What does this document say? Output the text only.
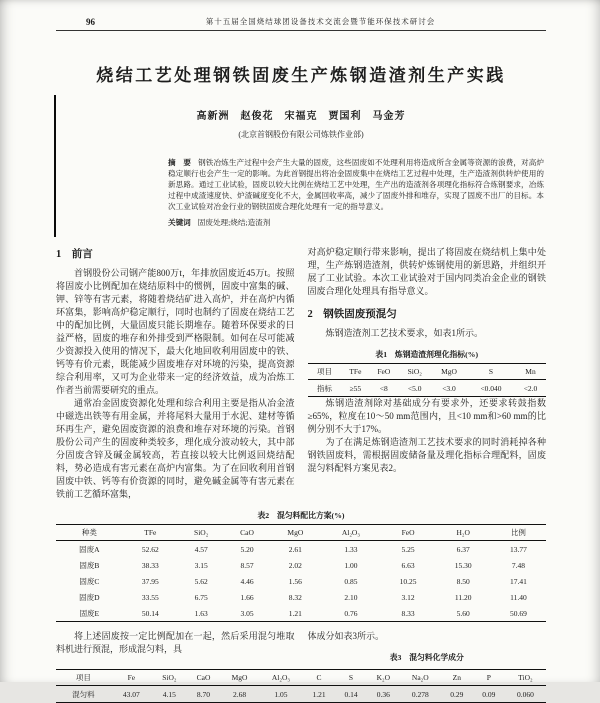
96	第十五届全国烧结球团设备技术交流会暨节能环保技术研讨会
烧结工艺处理钢铁固废生产炼钢造渣剂生产实践
高新洲　赵俊花　宋福克　贾国利　马金芳
(北京首钢股份有限公司炼铁作业部)

摘　要 钢铁冶炼生产过程中会产生大量的固废，这些固废如不处理利用将造成所含金属等资源的浪费，对高炉稳定顺行也会产生一定的影响。为此首钢提出将冶金固废集中在烧结工艺过程中处理，生产造渣剂供转炉使用的新思路。通过工业试验，固废以较大比例在烧结工艺中处理，生产出的造渣剂各项理化指标符合炼钢要求，冶炼过程中成渣速度快、炉渣碱度变化不大，金属回收率高，减少了固废外排和堆存，实现了固废不出厂的目标。本次工业试验对冶金行业的钢铁固废合理化处理有一定的指导意义。

关键词 固废处理;烧结;造渣剂

1　前言

首钢股份公司钢产能800万t，年排放固废近45万t。按照将固废小比例配加在烧结原料中的惯例，固废中富集的碱、钾、锌等有害元素，将随着烧结矿进入高炉，并在高炉内循环富集，影响高炉稳定顺行，同时也制约了固废在烧结工艺中的配加比例，大量固废只能长期堆存。随着环保要求的日益严格，固废的堆存和外排受到严格限制。如何在尽可能减少资源投入使用的情况下，最大化地回收利用固废中的铁、钙等有价元素，既能减少固废堆存对环境的污染，提高资源综合利用率，又可为企业带来一定的经济效益，成为冶炼工作者当前需要研究的重点。

通常冶金固废资源化处理和综合利用主要是指从冶金渣中磁选出铁等有用金属，并将尾料大量用于水泥、建材等循环再生产，避免固废资源的浪费和堆存对环境的污染。首钢股份公司产生的固废种类较多，理化成分波动较大，其中部分固废含锌及碱金属较高，若直接以较大比例返回烧结配料，势必造成有害元素在高炉内富集。为了在回收利用首钢固废中铁、钙等有价资源的同时，避免碱金属等有害元素在铁前工艺循环富集，

对高炉稳定顺行带来影响，提出了将固废在烧结机上集中处理，生产炼钢造渣剂，供转炉炼钢使用的新思路，并组织开展了工业试验。本次工业试验对于国内同类冶金企业的钢铁固废合理化处理具有指导意义。

2　钢铁固废预混匀

炼钢造渣剂工艺技术要求，如表1所示。

表1　炼钢造渣剂理化指标(%)
项目	TFe	FeO	SiO₂	MgO	S	Mn
指标	≥55	<8	<5.0	<3.0	<0.040	<2.0

炼钢造渣剂除对基础成分有要求外，还要求转鼓指数≥65%，粒度在10～50 mm范围内，且<10 mm和>60 mm的比例分别不大于17%。

为了在满足炼钢造渣剂工艺技术要求的同时消耗掉各种钢铁固废料，需根据固废储备量及理化指标合理配料，固废混匀料配料方案见表2。

表2　混匀料配比方案(%)
种类	TFe	SiO₂	CaO	MgO	Al₂O₃	FeO	H₂O	比例
固废A	52.62	4.57	5.20	2.61	1.33	5.25	6.37	13.77
固废B	38.33	3.15	8.57	2.02	1.00	6.63	15.30	7.48
固废C	37.95	5.62	4.46	1.56	0.85	10.25	8.50	17.41
固废D	33.55	6.75	1.66	8.32	2.10	3.12	11.20	11.40
固废E	50.14	1.63	3.05	1.21	0.76	8.33	5.60	50.69

将上述固废按一定比例配加在一起，然后采用混匀堆取料机进行预混，形成混匀料，具

体成分如表3所示。

表3　混匀料化学成分
项目	Fe	SiO₂	CaO	MgO	Al₂O₃	C	S	K₂O	Na₂O	Zn	P	TiO₂
混匀料	43.07	4.15	8.70	2.68	1.05	1.21	0.14	0.36	0.278	0.29	0.09	0.060
